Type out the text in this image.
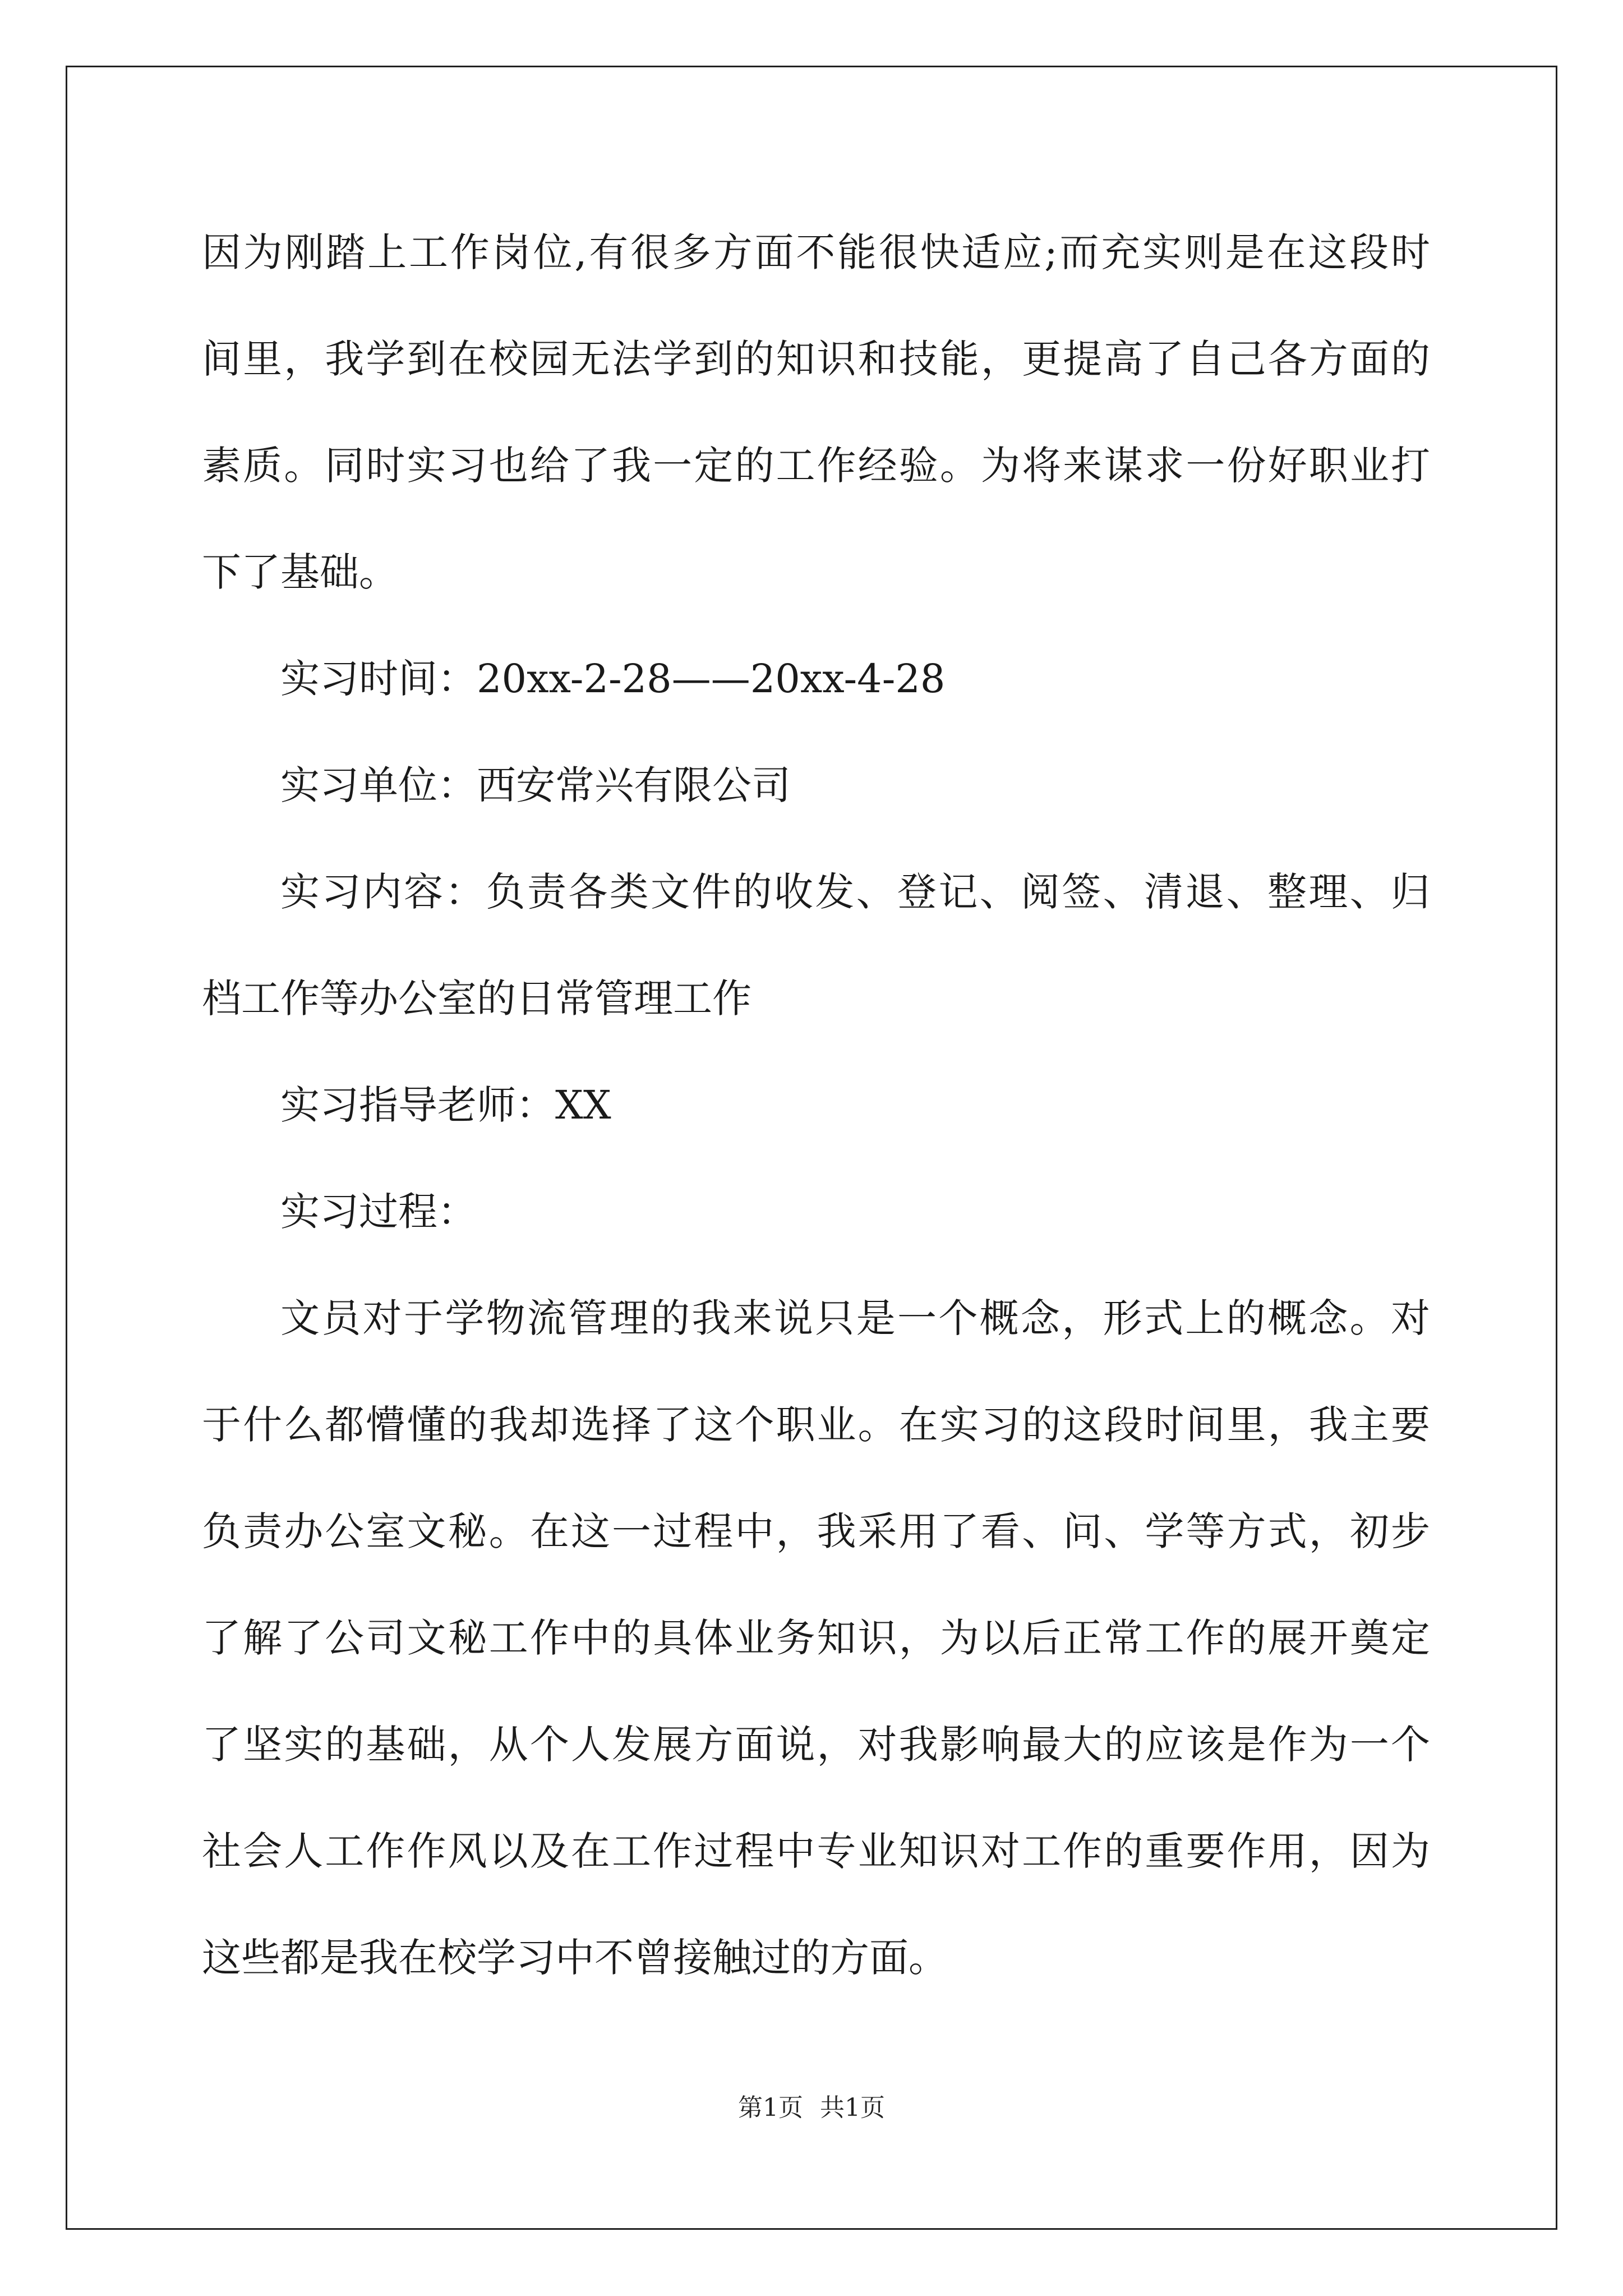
因为刚踏上工作岗位,有很多方面不能很快适应;而充实则是在这段时
间里，我学到在校园无法学到的知识和技能，更提高了自己各方面的
素质。同时实习也给了我一定的工作经验。为将来谋求一份好职业打
下了基础。
实习时间：20xx-2-28——20xx-4-28
实习单位：西安常兴有限公司
实习内容：负责各类文件的收发、登记、阅签、清退、整理、归
档工作等办公室的日常管理工作
实习指导老师：XX
实习过程：
文员对于学物流管理的我来说只是一个概念，形式上的概念。对
于什么都懵懂的我却选择了这个职业。在实习的这段时间里，我主要
负责办公室文秘。在这一过程中，我采用了看、问、学等方式，初步
了解了公司文秘工作中的具体业务知识，为以后正常工作的展开奠定
了坚实的基础，从个人发展方面说，对我影响最大的应该是作为一个
社会人工作作风以及在工作过程中专业知识对工作的重要作用，因为
这些都是我在校学习中不曾接触过的方面。
第1页 共1页
